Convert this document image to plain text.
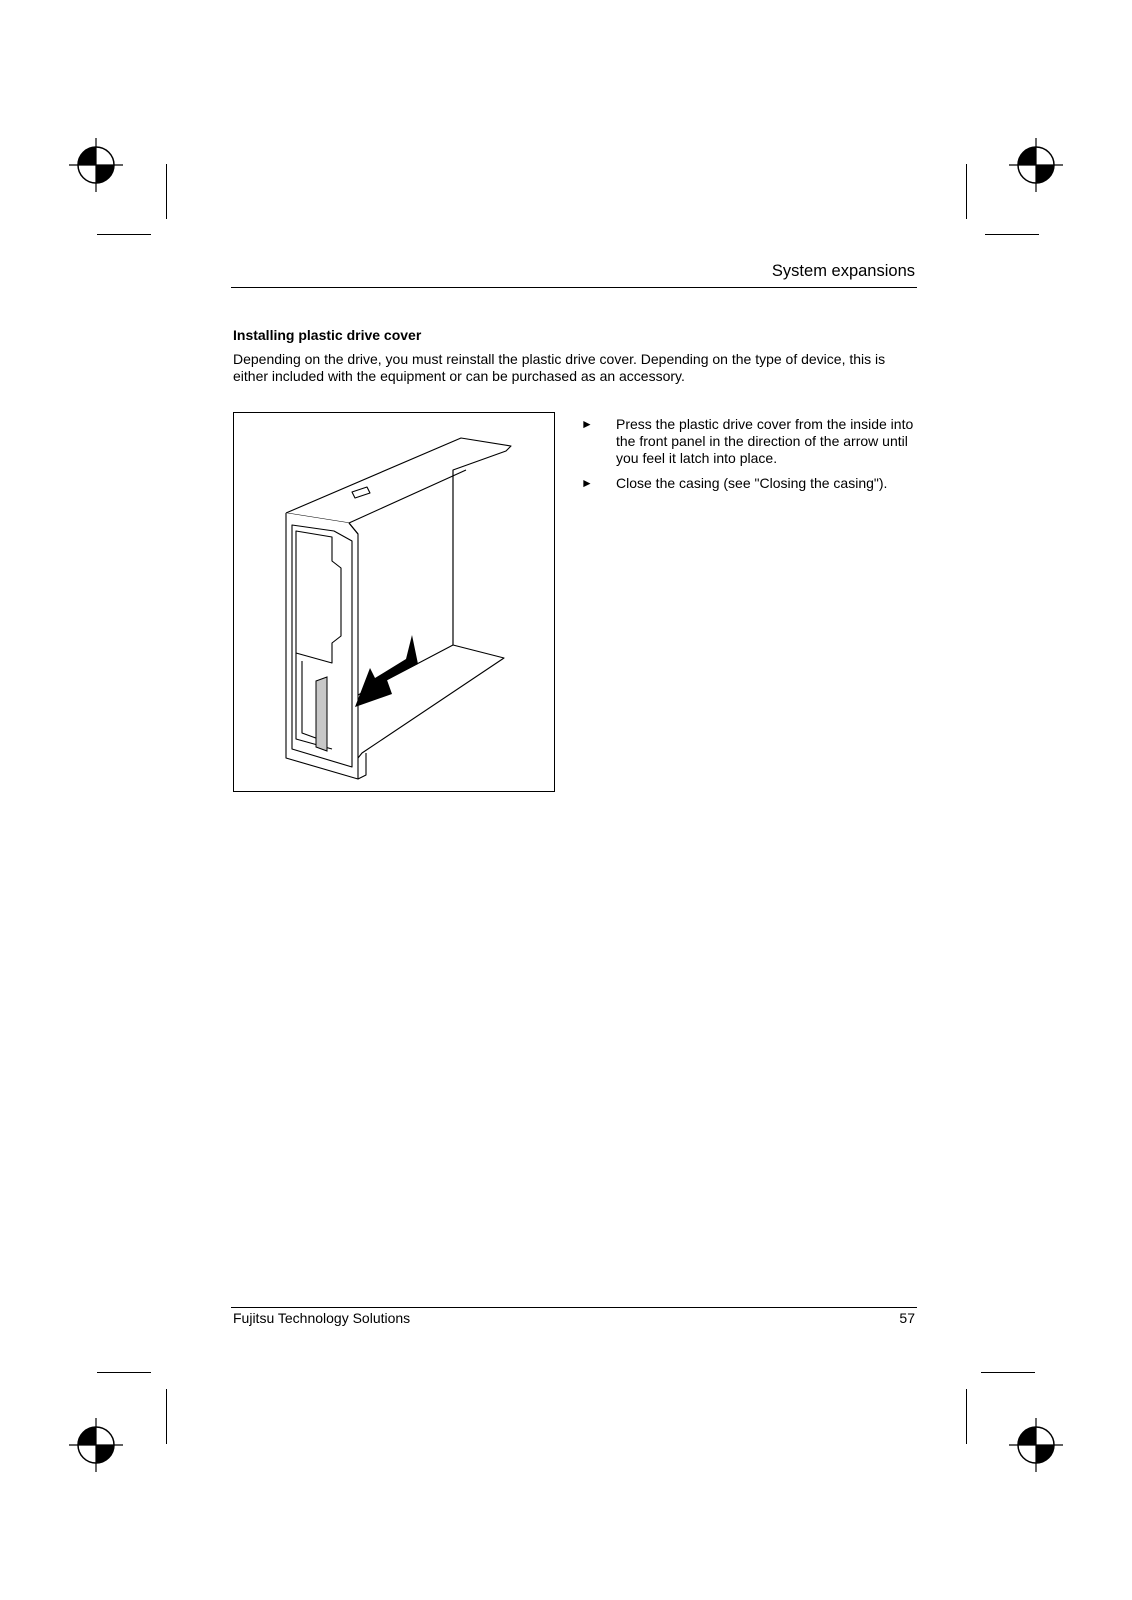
System expansions
Installing plastic drive cover
Depending on the drive, you must reinstall the plastic drive cover. Depending on the type of device, this is either included with the equipment or can be purchased as an accessory.
► Press the plastic drive cover from the inside into the front panel in the direction of the arrow until you feel it latch into place.
► Close the casing (see "Closing the casing").
Fujitsu Technology Solutions	57
